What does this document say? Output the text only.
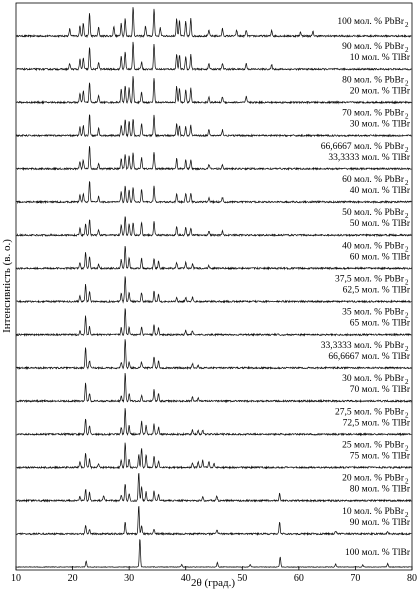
100 мол. % PbBr 2
90 мол. % PbBr 2
10 мол. % TlBr
80 мол. % PbBr 2
20 мол. % TlBr
70 мол. % PbBr 2
30 мол. % TlBr
66,6667 мол. % PbBr 2
33,3333 мол. % TlBr
60 мол. % PbBr 2
40 мол. % TlBr
50 мол. % PbBr 2
50 мол. % TlBr
40 мол. % PbBr 2
60 мол. % TlBr
37,5 мол. % PbBr 2
62,5 мол. % TlBr
35 мол. % PbBr 2
65 мол. % TlBr
33,3333 мол. % PbBr 2
66,6667 мол. % TlBr
30 мол. % PbBr 2
70 мол. % TlBr
27,5 мол. % PbBr 2
72,5 мол. % TlBr
25 мол. % PbBr 2
75 мол. % TlBr
20 мол. % PbBr 2
80 мол. % TlBr
10 мол. % PbBr 2
90 мол. % TlBr
100 мол. % TlBr
10	20	30	40	50	60	70	80
2θ (град.)
Інтенсивність (в. о.)
